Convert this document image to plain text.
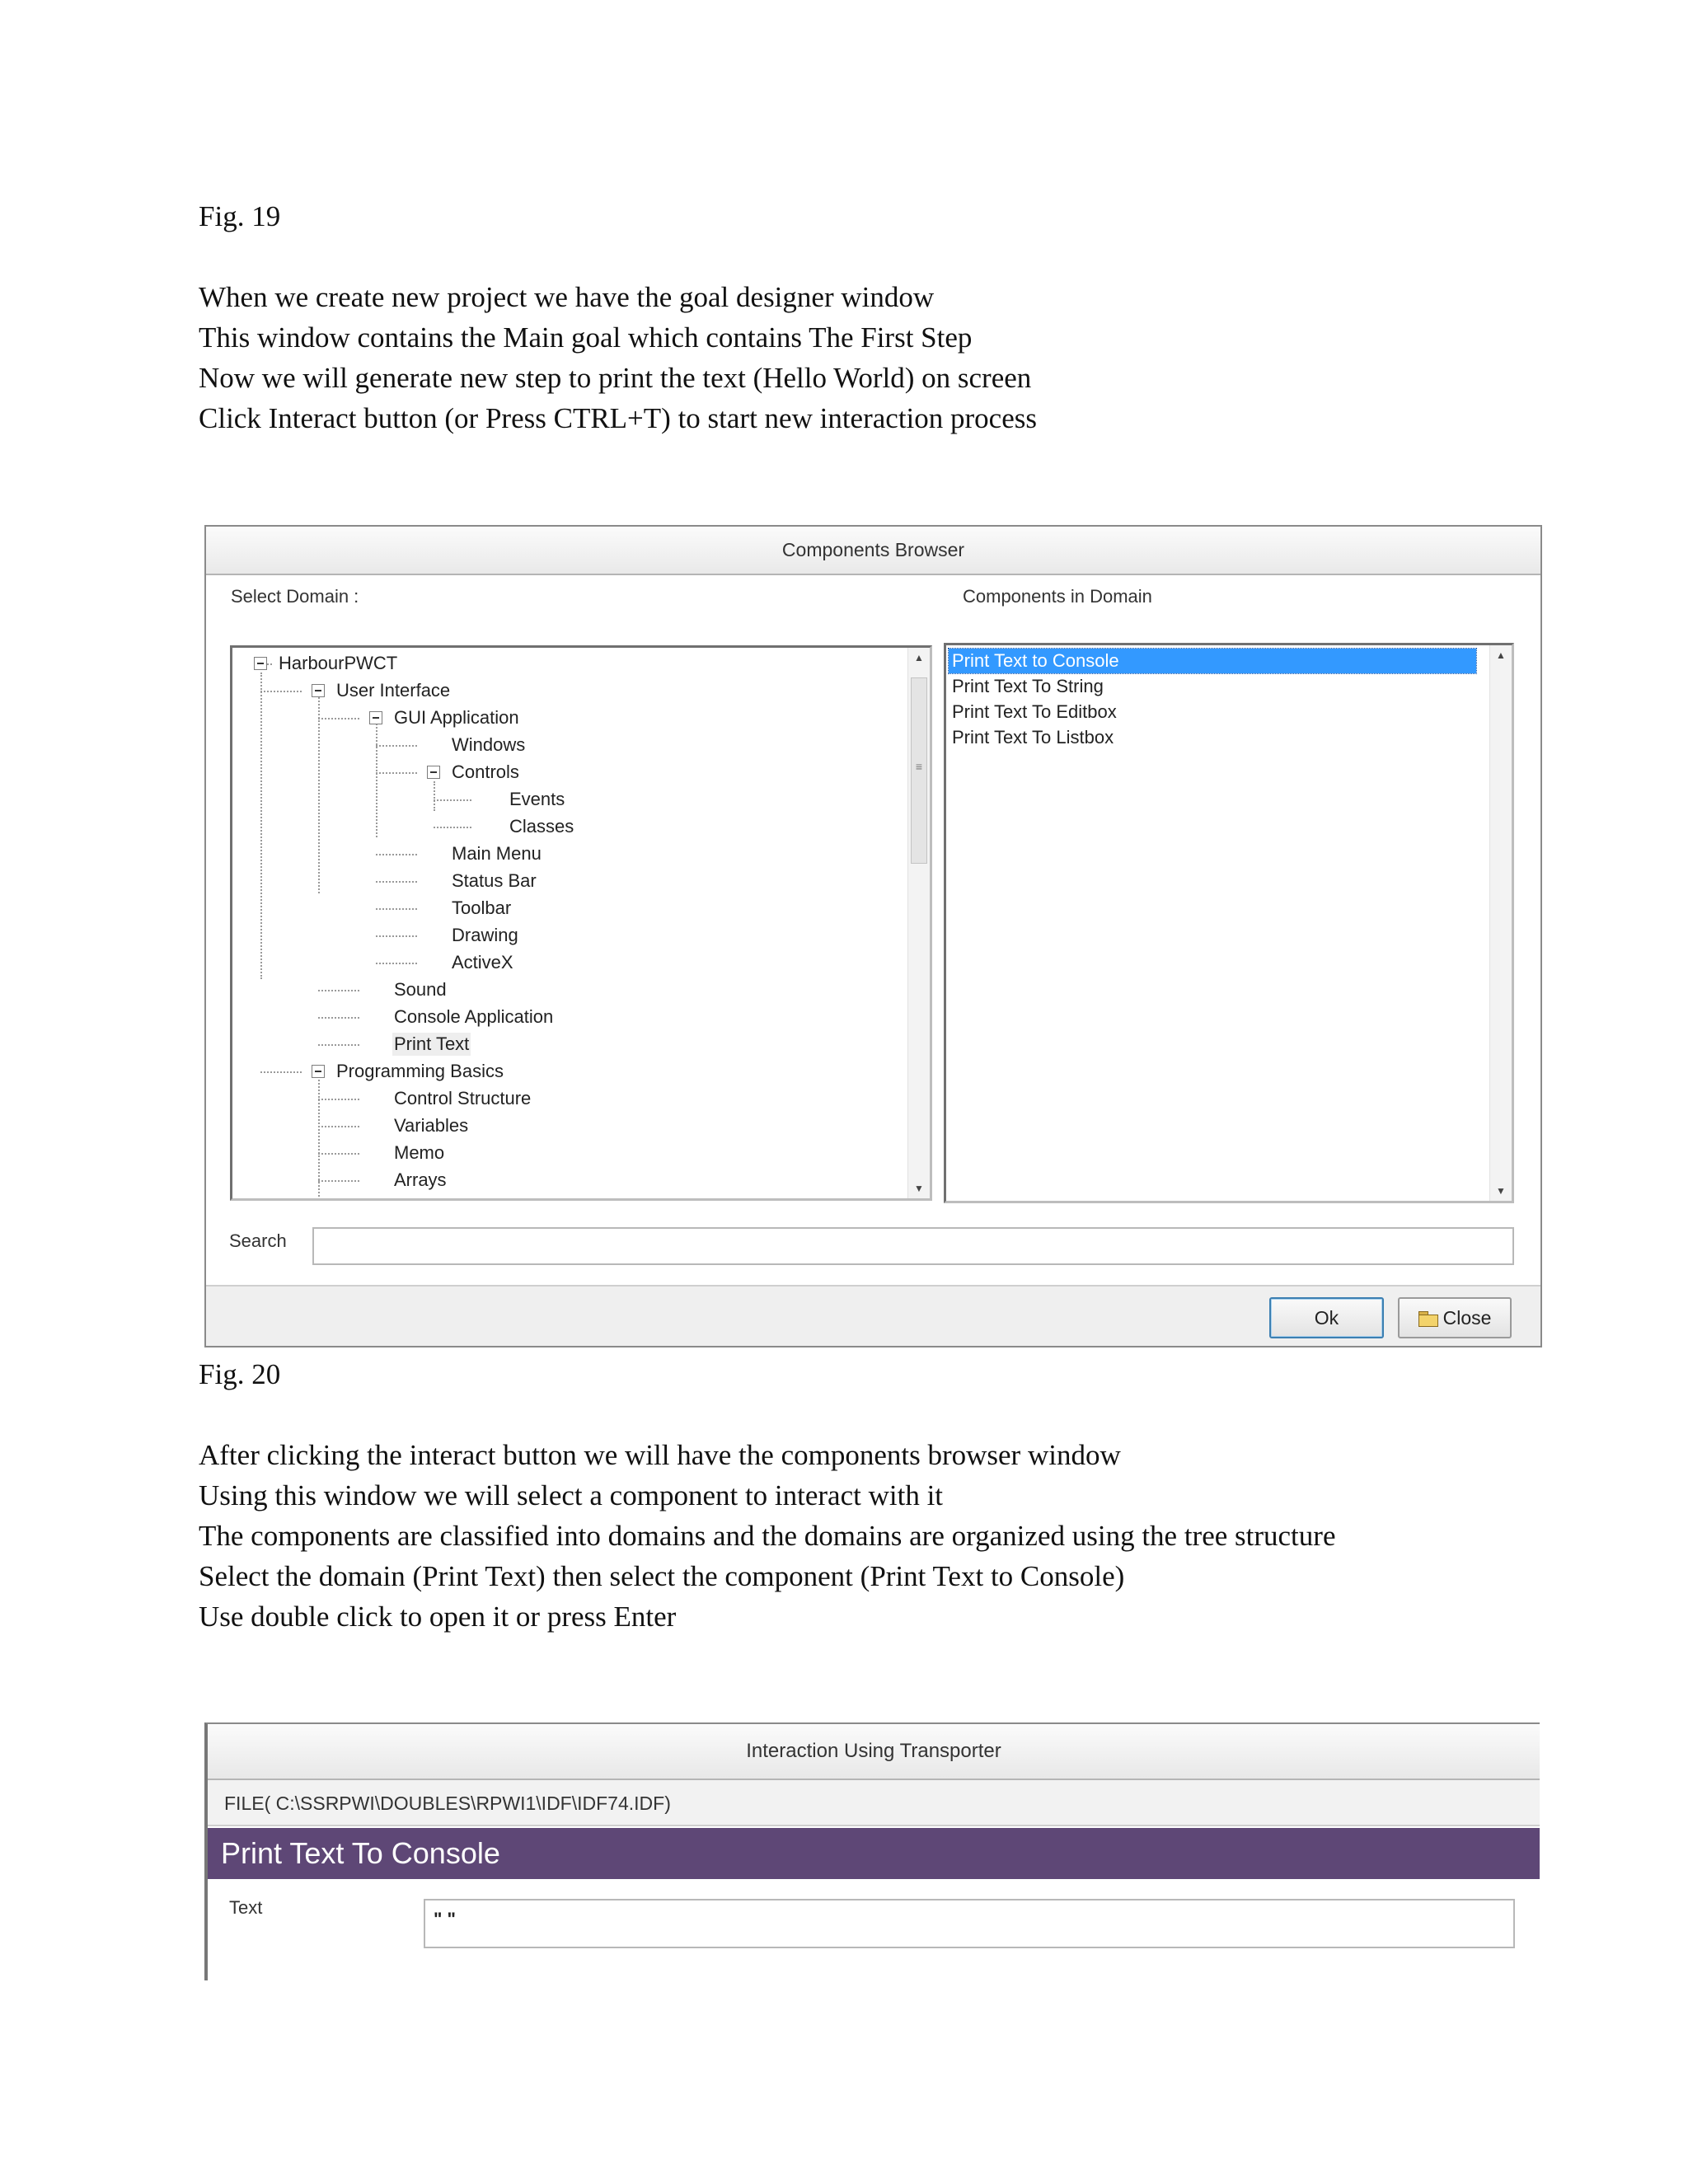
Fig. 19
When we create new project we have the goal designer window
This window contains the Main goal which contains The First Step
Now we will generate new step to print the text (Hello World) on screen
Click Interact button (or Press CTRL+T) to start new interaction process
Components Browser
Select Domain :	Components in Domain
HarbourPWCT
User Interface
GUI Application
Windows
Controls
Events
Classes
Main Menu
Status Bar
Toolbar
Drawing
ActiveX
Sound
Console Application
Print Text
Programming Basics
Control Structure
Variables
Memo
Arrays
▲
≡
▼
Print Text to Console
Print Text To String
Print Text To Editbox
Print Text To Listbox
▲
▼
Search
Ok	Close
Fig. 20
After clicking the interact button we will have the components browser window
Using this window we will select a component to interact with it
The components are classified into domains and the domains are organized using the tree structure
Select the domain (Print Text) then select the component (Print Text to Console)
Use double click to open it or press Enter
Interaction Using Transporter
FILE( C:\SSRPWI\DOUBLES\RPWI1\IDF\IDF74.IDF)
Print Text To Console
Text
" "
